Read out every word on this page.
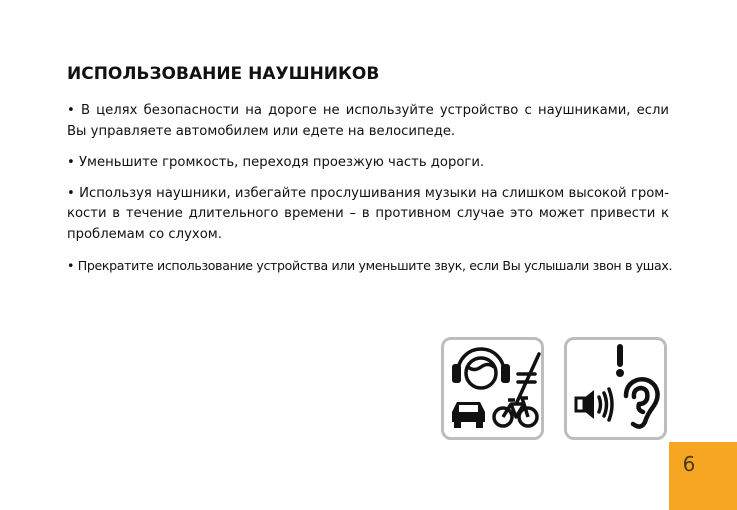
ИСПОЛЬЗОВАНИЕ НАУШНИКОВ

• В целях безопасности на дороге не используйте устройство с наушниками, если Вы управляете автомобилем или едете на велосипеде.

• Уменьшите громкость, переходя проезжую часть дороги.

• Используя наушники, избегайте прослушивания музыки на слишком высокой гром-кости в течение длительного времени – в противном случае это может привести к проблемам со слухом.

• Прекратите использование устройства или уменьшите звук, если Вы услышали звон в ушах.

6
